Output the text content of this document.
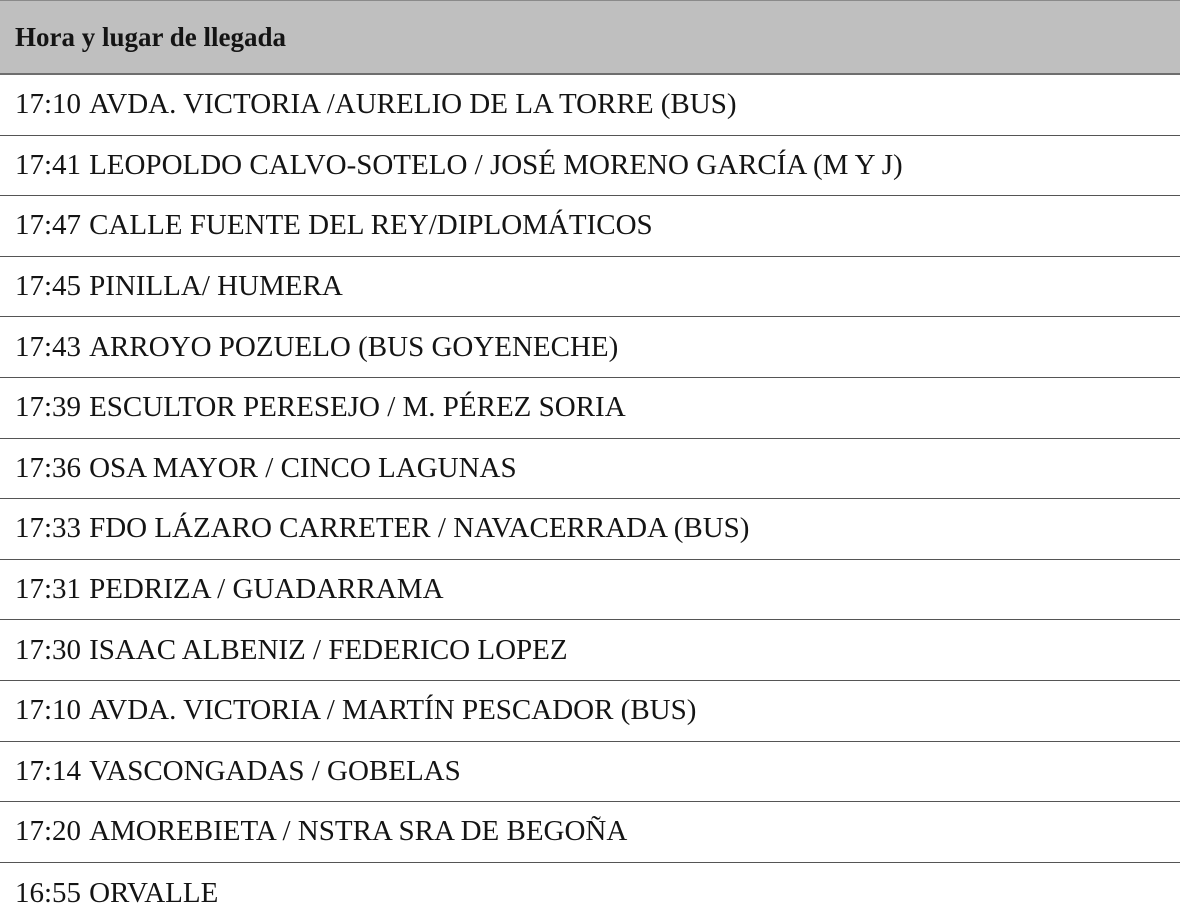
Hora y lugar de llegada
17:10 AVDA. VICTORIA /AURELIO DE LA TORRE (BUS)
17:41 LEOPOLDO CALVO-SOTELO / JOSÉ MORENO GARCÍA (M Y J)
17:47 CALLE FUENTE DEL REY/DIPLOMÁTICOS
17:45 PINILLA/ HUMERA
17:43 ARROYO POZUELO (BUS GOYENECHE)
17:39 ESCULTOR PERESEJO / M. PÉREZ SORIA
17:36 OSA MAYOR / CINCO LAGUNAS
17:33 FDO LÁZARO CARRETER / NAVACERRADA (BUS)
17:31 PEDRIZA / GUADARRAMA
17:30 ISAAC ALBENIZ / FEDERICO LOPEZ
17:10 AVDA. VICTORIA / MARTÍN PESCADOR (BUS)
17:14 VASCONGADAS / GOBELAS
17:20 AMOREBIETA / NSTRA SRA DE BEGOÑA
16:55 ORVALLE
